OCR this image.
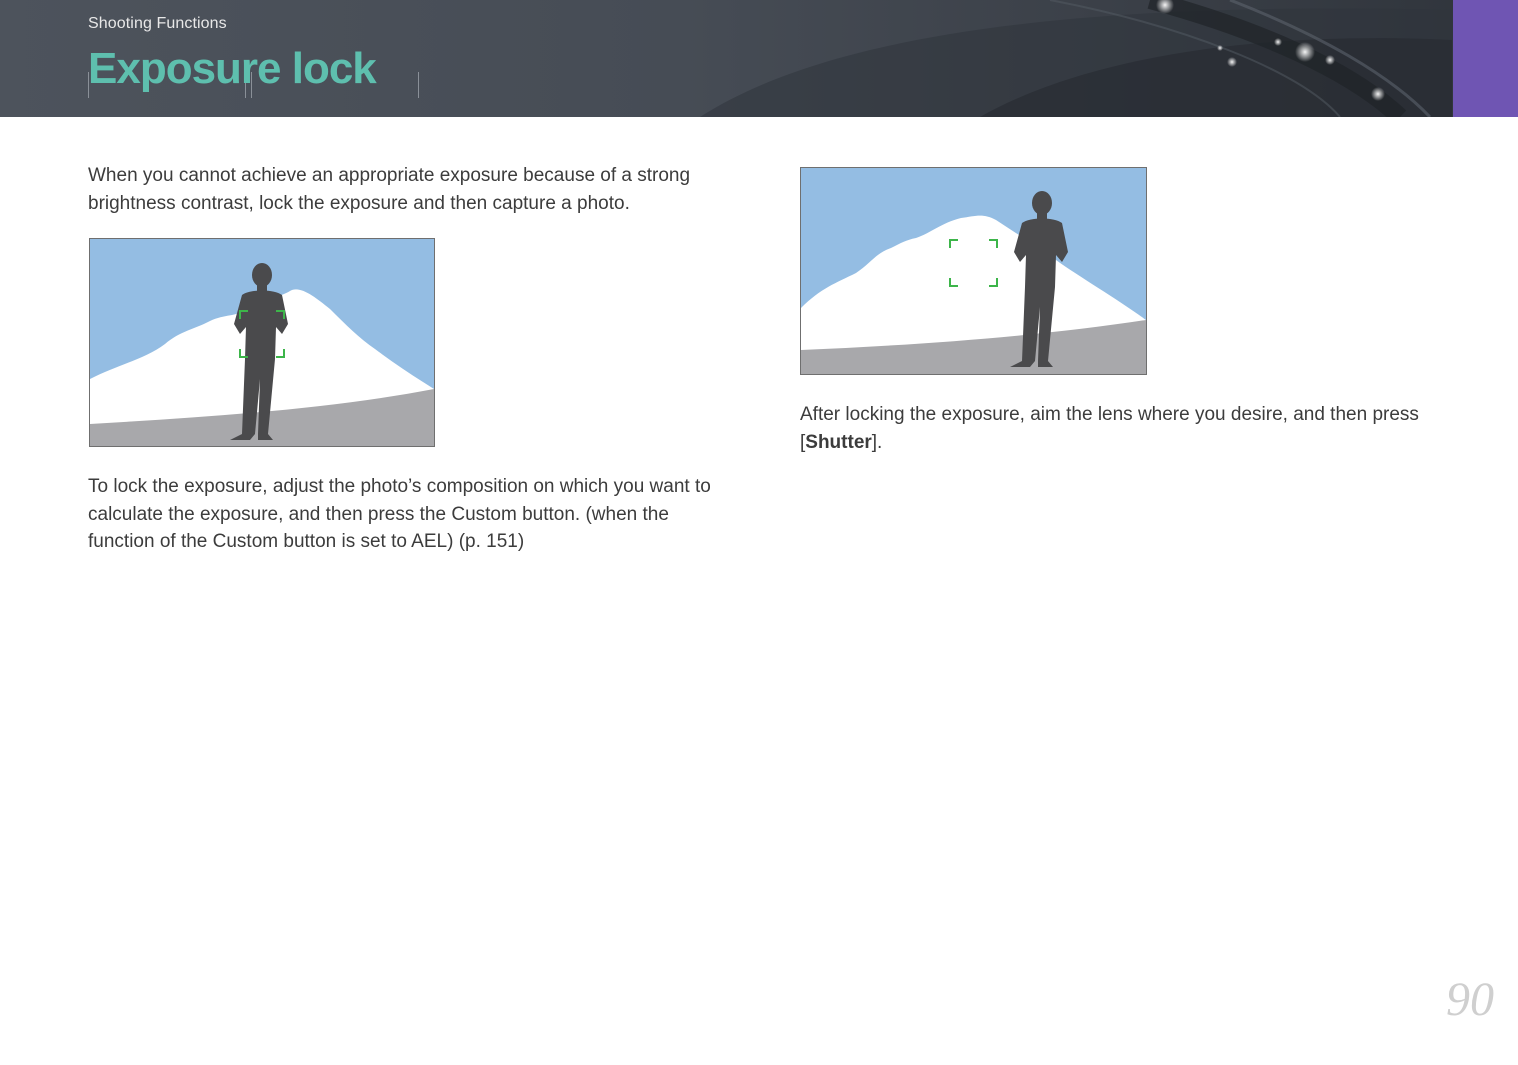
Shooting Functions
Exposure lock

When you cannot achieve an appropriate exposure because of a strong brightness contrast, lock the exposure and then capture a photo.

To lock the exposure, adjust the photo’s composition on which you want to calculate the exposure, and then press the Custom button. (when the function of the Custom button is set to AEL) (p. 151)

After locking the exposure, aim the lens where you desire, and then press [Shutter].

90
